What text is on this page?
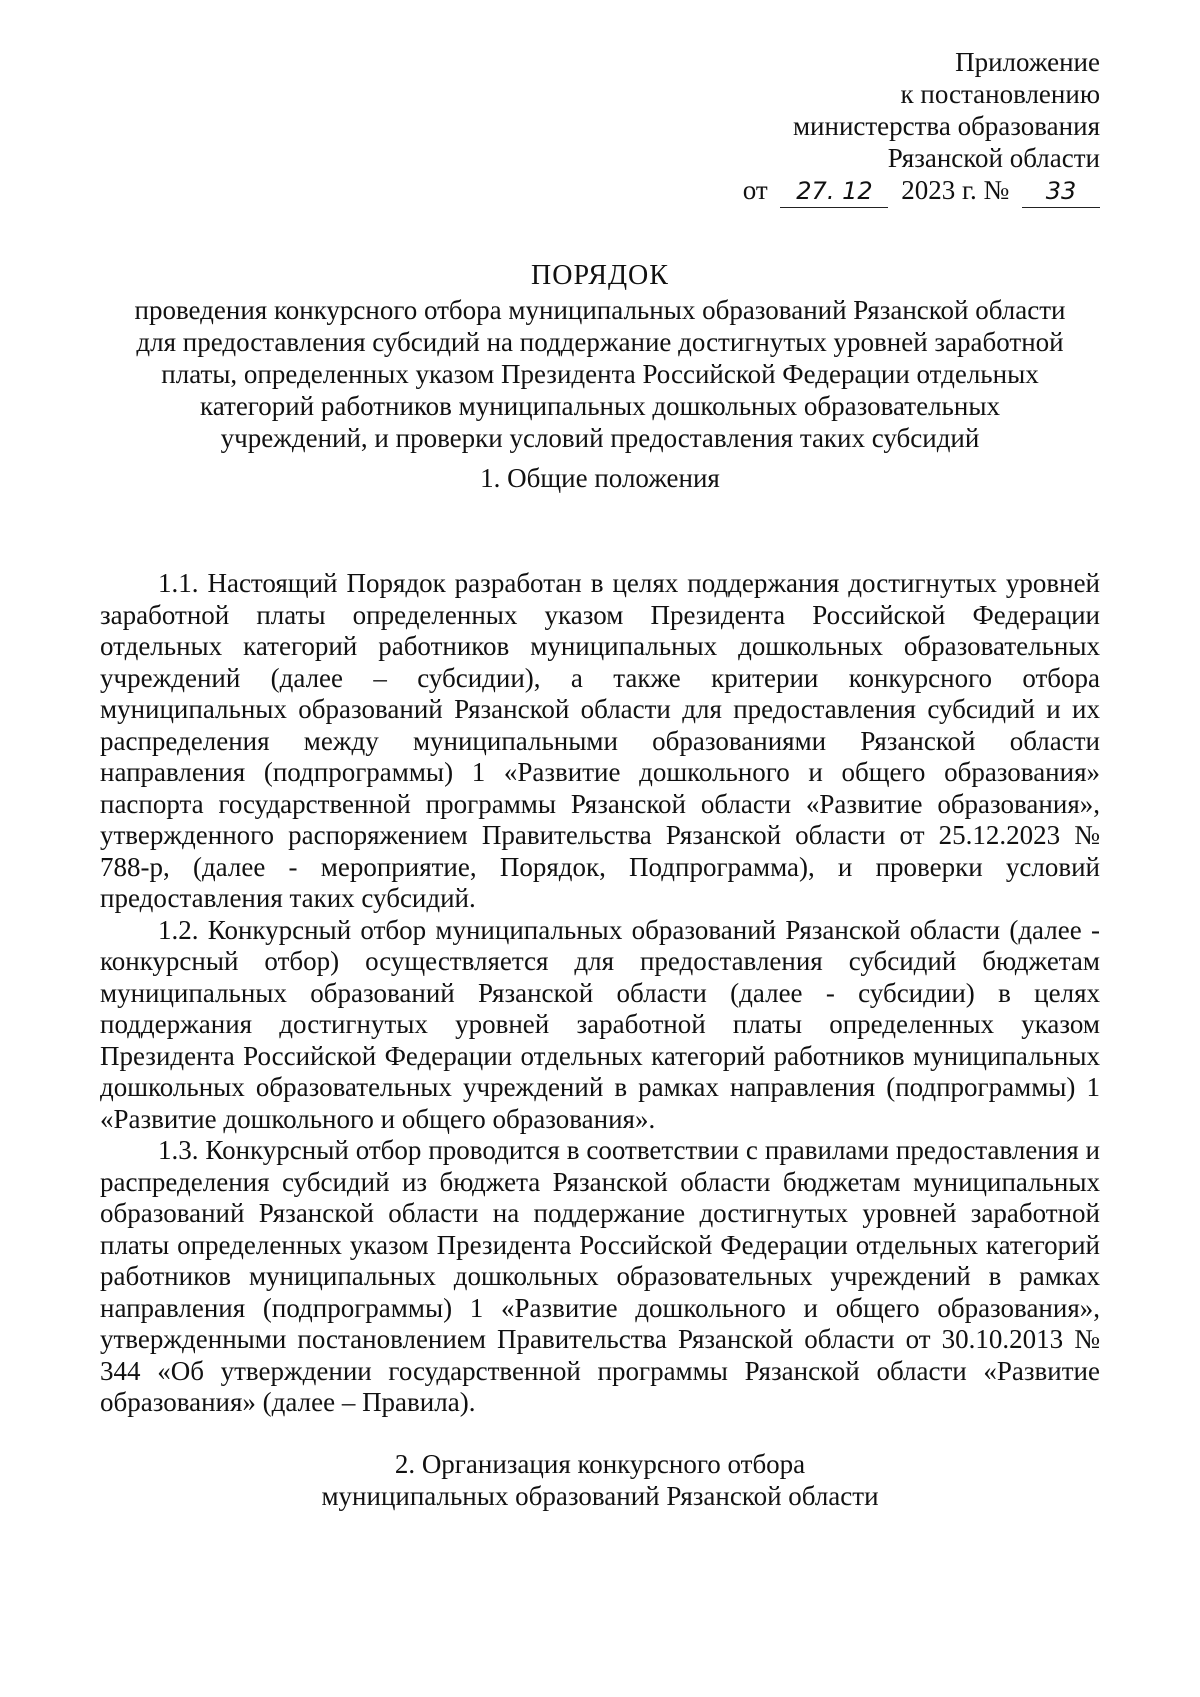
Приложение
к постановлению
министерства образования
Рязанской области
от 27. 12 2023 г. № 33
ПОРЯДОК
проведения конкурсного отбора муниципальных образований Рязанской области
для предоставления субсидий на поддержание достигнутых уровней заработной
платы, определенных указом Президента Российской Федерации отдельных
категорий работников муниципальных дошкольных образовательных
учреждений, и проверки условий предоставления таких субсидий
1. Общие положения

1.1. Настоящий Порядок разработан в целях поддержания достигнутых уровней заработной платы определенных указом Президента Российской Федерации отдельных категорий работников муниципальных дошкольных образовательных учреждений (далее – субсидии), а также критерии конкурсного отбора муниципальных образований Рязанской области для предоставления субсидий и их распределения между муниципальными образованиями Рязанской области направления (подпрограммы) 1 «Развитие дошкольного и общего образования» паспорта государственной программы Рязанской области «Развитие образования», утвержденного распоряжением Правительства Рязанской области от 25.12.2023 № 788-р, (далее - мероприятие, Порядок, Подпрограмма), и проверки условий предоставления таких субсидий.

1.2. Конкурсный отбор муниципальных образований Рязанской области (далее - конкурсный отбор) осуществляется для предоставления субсидий бюджетам муниципальных образований Рязанской области (далее - субсидии) в целях поддержания достигнутых уровней заработной платы определенных указом Президента Российской Федерации отдельных категорий работников муниципальных дошкольных образовательных учреждений в рамках направления (подпрограммы) 1 «Развитие дошкольного и общего образования».

1.3. Конкурсный отбор проводится в соответствии с правилами предоставления и распределения субсидий из бюджета Рязанской области бюджетам муниципальных образований Рязанской области на поддержание достигнутых уровней заработной платы определенных указом Президента Российской Федерации отдельных категорий работников муниципальных дошкольных образовательных учреждений в рамках направления (подпрограммы) 1 «Развитие дошкольного и общего образования», утвержденными постановлением Правительства Рязанской области от 30.10.2013 № 344 «Об утверждении государственной программы Рязанской области «Развитие образования» (далее – Правила).

2. Организация конкурсного отбора
муниципальных образований Рязанской области
